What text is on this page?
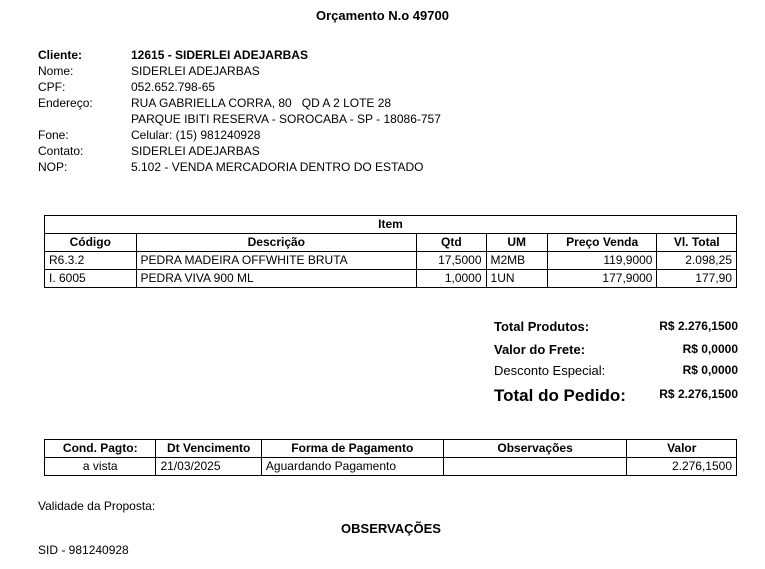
Orçamento N.o 49700
Cliente:	12615 - SIDERLEI ADEJARBAS
Nome:	SIDERLEI ADEJARBAS
CPF:	052.652.798-65
Endereço:	RUA GABRIELLA CORRA, 80   QD A 2 LOTE 28
PARQUE IBITI RESERVA - SOROCABA - SP - 18086-757
Fone:	Celular: (15) 981240928
Contato:	SIDERLEI ADEJARBAS
NOP:	5.102 - VENDA MERCADORIA DENTRO DO ESTADO
Item					
Código	Descrição	Qtd	UM	Preço Venda	Vl. Total
R6.3.2	PEDRA MADEIRA OFFWHITE BRUTA	17,5000	M2MB	119,9000	2.098,25
I. 6005	PEDRA VIVA 900 ML	1,0000	1UN	177,9000	177,90
Total Produtos:	R$ 2.276,1500
Valor do Frete:	R$ 0,0000
Desconto Especial:	R$ 0,0000
Total do Pedido:	R$ 2.276,1500
Cond. Pagto:	Dt Vencimento	Forma de Pagamento	Observações	Valor
a vista	21/03/2025	Aguardando Pagamento		2.276,1500
Validade da Proposta:
OBSERVAÇÕES
SID - 981240928
